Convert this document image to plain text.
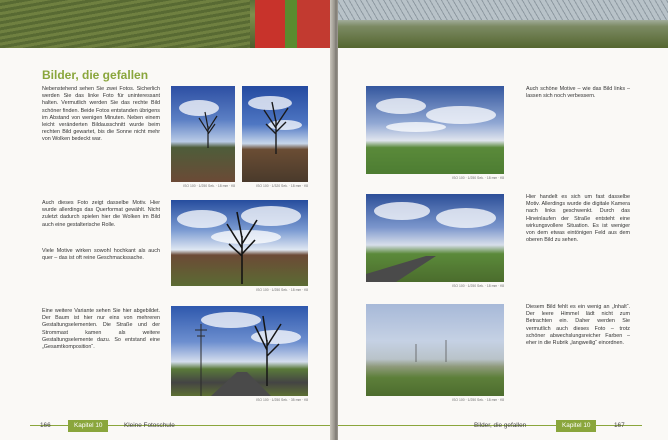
Bilder, die gefallen
Nebenstehend sehen Sie zwei Fotos. Sicherlich werden Sie das linke Foto für uninteressant halten. Vermutlich werden Sie das rechte Bild schöner finden. Beide Fotos entstanden übrigens im Abstand von wenigen Minuten. Neben einem leicht veränderten Bildausschnitt wurde beim rechten Bild gewartet, bis die Sonne nicht mehr von Wolken bedeckt war.
Auch dieses Foto zeigt dasselbe Motiv. Hier wurde allerdings das Querformat gewählt. Nicht zuletzt dadurch spielen hier die Wolken im Bild auch eine gestalterische Rolle.
Viele Motive wirken sowohl hochkant als auch quer – das ist oft reine Geschmackssache.
Eine weitere Variante sehen Sie hier abgebildet. Der Baum ist hier nur eins von mehreren Gestaltungselementen. Die Straße und der Strommast kamen als weitere Gestaltungselemente dazu. So entstand eine „Gesamtkomposition“.
ISO 100 · 1/250 Sek. · 18 mm · f/8	ISO 100 · 1/320 Sek. · 18 mm · f/8
ISO 100 · 1/250 Sek. · 18 mm · f/8
ISO 100 · 1/250 Sek. · 35 mm · f/8
166	Kapitel 10	Kleine Fotoschule
ISO 100 · 1/250 Sek. · 18 mm · f/8
Auch schöne Motive – wie das Bild links – lassen sich noch verbessern.
ISO 100 · 1/250 Sek. · 18 mm · f/8
Hier handelt es sich um fast dasselbe Motiv. Allerdings wurde die digitale Kamera nach links geschwenkt. Durch das Hineinlaufen der Straße entsteht eine wirkungsvollere Situation. Es ist weniger von dem etwas eintönigen Feld aus dem oberen Bild zu sehen.
ISO 100 · 1/250 Sek. · 18 mm · f/8
Diesem Bild fehlt es ein wenig an „Inhalt“. Der leere Himmel lädt nicht zum Betrachten ein. Daher werden Sie vermutlich auch dieses Foto – trotz schöner abwechslungsreicher Farben – eher in die Rubrik „langweilig“ einordnen.
Bilder, die gefallen	Kapitel 10	167
